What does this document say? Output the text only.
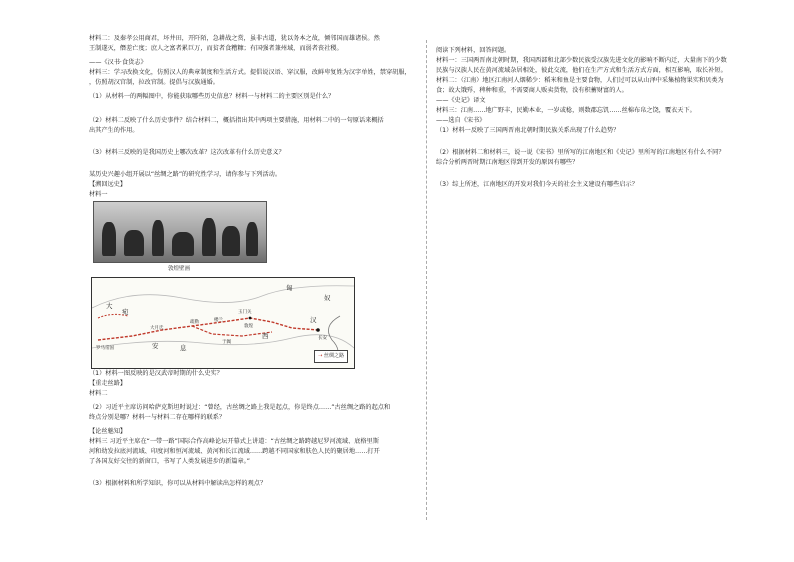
材料二：及秦孝公用商君，坏井田，开阡陌，急耕战之赏，虽非古道，犹以务本之故，倾邻国而雄诸侯。然

王制遂灭，僭差亡度；庶人之富者累巨万，而贫者食糟糠；有国强者兼州域，而弱者丧社稷。

——《汉书·食货志》

材料三：学习改换文化，仿照汉人的典章制度和生活方式。提倡说汉语、穿汉服，改鲜卑复姓为汉字单姓，禁穿胡服，

，仿照胡汉宫制，拉改官制。提倡与汉族通婚。

（1）从材料一的两幅图中，你能获取哪些历史信息？材料一与材料二的主要区别是什么？

（2）材料二反映了什么历史事件？结合材料二，概括指出其中两项主要措施，用材料二中的一句原话来概括

出其产生的作用。

（3）材料三反映的是我国历史上哪次改革？这次改革有什么历史意义？

某历史兴趣小组开展以“丝绸之路”的研究性学习，请你参与下列活动。

【溯回远史】

材料一

敦煌壁画
匈
奴
大
宛
安	息
西
汉
玉门关
长安
敦煌
楼兰
于阗
疏勒
大月氏
罗马帝国
⇢ 丝绸之路

（1）材料一图反映的是汉武帝时期的什么史实？

【重走丝路】

材料二

（2）习近平主席访问哈萨克斯坦时说过：“曾经，古丝绸之路上我是起点，你是终点……”古丝绸之路的起点和

终点分别是哪？材料一与材料二存在哪样的联系？

【论丝魅知】

材料三 习近平主席在“一带一路”国际合作高峰论坛开幕式上讲道：“古丝绸之路跨越尼罗河流域、底格里斯

河和幼发拉底河流域、印度河和恒河流域、黄河和长江流域……跨越不同国家和肤色人民的聚居地……打开

了各国友好交往的新窗口，书写了人类发展进步的新篇章。”

（3）根据材料和所学知识，你可以从材料中解读出怎样的观点？

阅读下列材料，回答问题。

材料一：三国两晋南北朝时期，我国西部和北部少数民族受汉族先进文化的影响不断内迁，大量南下的少数

民族与汉族人民在黄河流域杂居相处，彼此交流，他们在生产方式和生活方式方面，相互影响，取长补短。

材料二：（江南）地区江南河人烟稀少：稻米和鱼是主要食物，人们过可以从山泽中采集植物果实和贝类为

食；故大饿殍，稗种和重，不需要商人贩卖货物，没有积蓄财富的人。

——《史记》译文

材料三：江南……地广野丰，民勤本业，一岁或稔，则数郡忘饥……丝棉布帛之饶，覆衣天下。

——选自《宋书》

（1）材料一反映了三国两晋南北朝时期民族关系出现了什么趋势？

（2）根据材料二和材料三，说一说《宋书》里所写的江南地区和《史记》里所写的江南地区有什么不同？

综合分析两晋时期江南地区得到开发的原因有哪些？

（3）综上所述，江南地区的开发对我们今天的社会主义建设有哪些启示？
